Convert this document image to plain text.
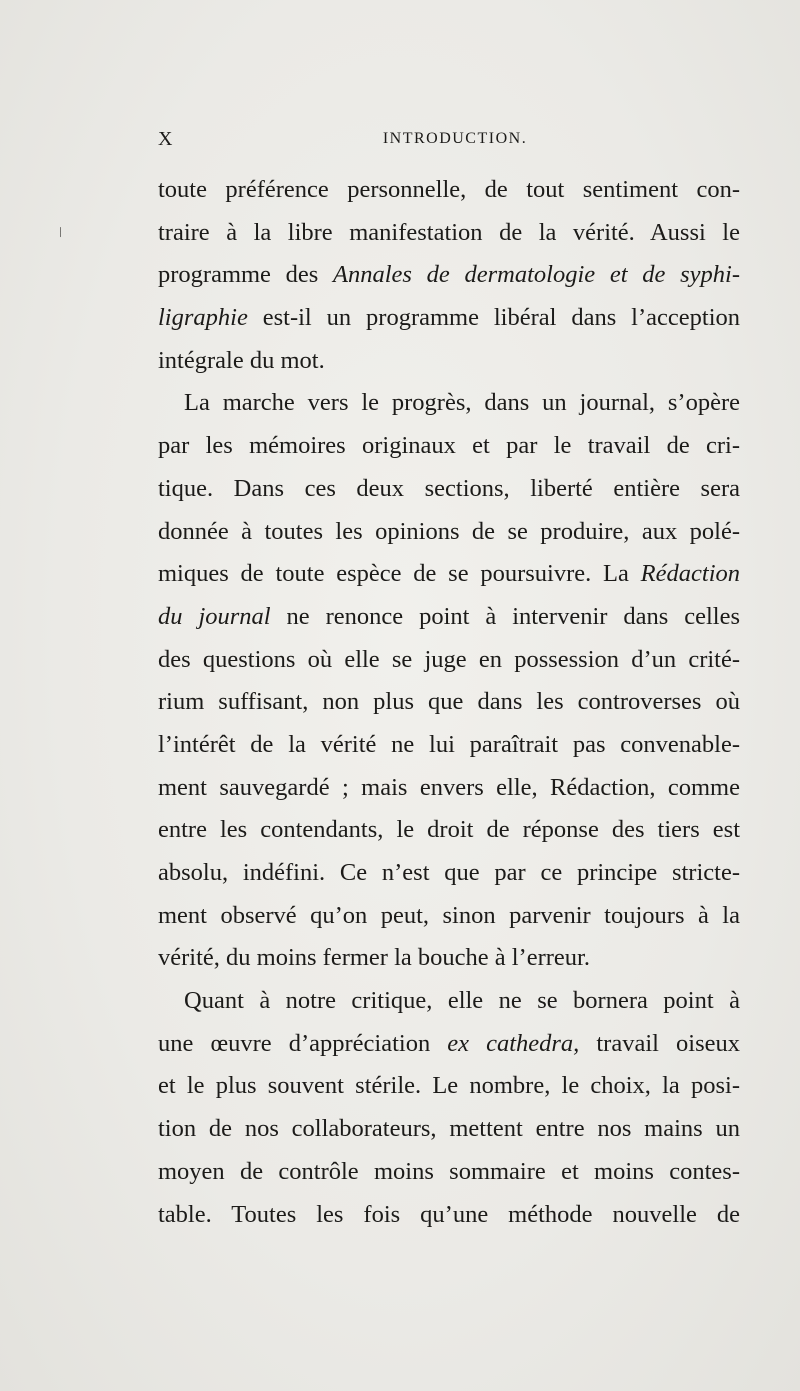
/
X	INTRODUCTION.
toute préférence personnelle, de tout sentiment con-
traire à la libre manifestation de la vérité. Aussi le
programme des Annales de dermatologie et de syphi-
ligraphie est-il un programme libéral dans l’acception
intégrale du mot.
La marche vers le progrès, dans un journal, s’opère
par les mémoires originaux et par le travail de cri-
tique. Dans ces deux sections, liberté entière sera
donnée à toutes les opinions de se produire, aux polé-
miques de toute espèce de se poursuivre. La Rédaction
du journal ne renonce point à intervenir dans celles
des questions où elle se juge en possession d’un crité-
rium suffisant, non plus que dans les controverses où
l’intérêt de la vérité ne lui paraîtrait pas convenable-
ment sauvegardé ; mais envers elle, Rédaction, comme
entre les contendants, le droit de réponse des tiers est
absolu, indéfini. Ce n’est que par ce principe stricte-
ment observé qu’on peut, sinon parvenir toujours à la
vérité, du moins fermer la bouche à l’erreur.
Quant à notre critique, elle ne se bornera point à
une œuvre d’appréciation ex cathedra, travail oiseux
et le plus souvent stérile. Le nombre, le choix, la posi-
tion de nos collaborateurs, mettent entre nos mains un
moyen de contrôle moins sommaire et moins contes-
table. Toutes les fois qu’une méthode nouvelle de
